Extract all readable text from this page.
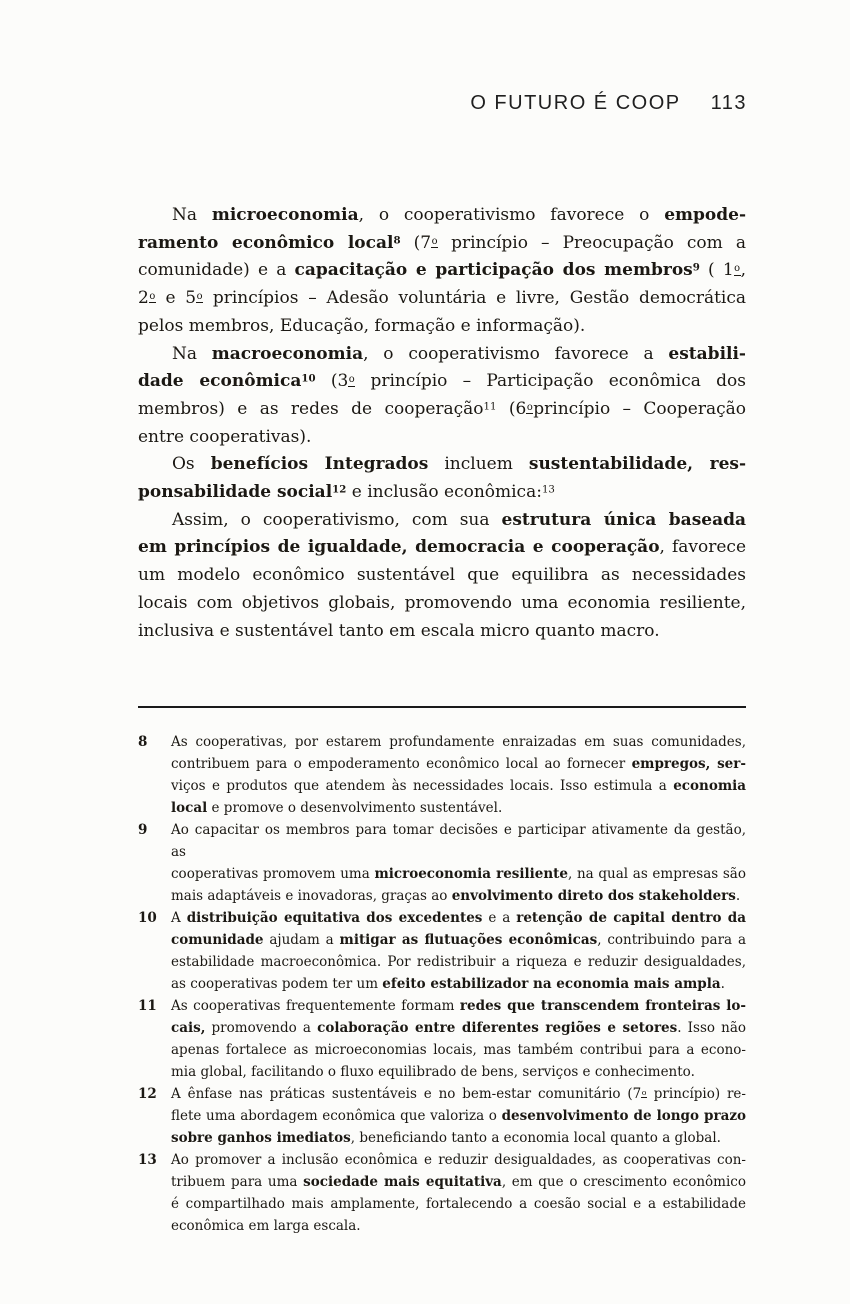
O FUTURO É COOP 113
Na microeconomia, o cooperativismo favorece o empode-
ramento econômico local$^8$ (7$^o$ princípio – Preocupação com a
comunidade) e a capacitação e participação dos membros$^9$ ( 1$^o$,
2$^o$ e 5$^o$ princípios – Adesão voluntária e livre, Gestão democrática
pelos membros, Educação, formação e informação).
Na macroeconomia, o cooperativismo favorece a estabili-
dade econômica$^{10}$ (3$^o$ princípio – Participação econômica dos
membros) e as redes de cooperação$^{11}$ (6$^o$princípio – Cooperação
entre cooperativas).
Os benefícios Integrados incluem sustentabilidade, res-
ponsabilidade social$^{12}$ e inclusão econômica:$^{13}$
Assim, o cooperativismo, com sua estrutura única baseada
em princípios de igualdade, democracia e cooperação, favorece
um modelo econômico sustentável que equilibra as necessidades
locais com objetivos globais, promovendo uma economia resiliente,
inclusiva e sustentável tanto em escala micro quanto macro.
8	As cooperativas, por estarem profundamente enraizadas em suas comunidades,
contribuem para o empoderamento econômico local ao fornecer empregos, ser-
viços e produtos que atendem às necessidades locais. Isso estimula a economia
local e promove o desenvolvimento sustentável.
9	Ao capacitar os membros para tomar decisões e participar ativamente da gestão, as
cooperativas promovem uma microeconomia resiliente, na qual as empresas são
mais adaptáveis e inovadoras, graças ao envolvimento direto dos stakeholders.
10	A distribuição equitativa dos excedentes e a retenção de capital dentro da
comunidade ajudam a mitigar as flutuações econômicas, contribuindo para a
estabilidade macroeconômica. Por redistribuir a riqueza e reduzir desigualdades,
as cooperativas podem ter um efeito estabilizador na economia mais ampla.
11	As cooperativas frequentemente formam redes que transcendem fronteiras lo-
cais, promovendo a colaboração entre diferentes regiões e setores. Isso não
apenas fortalece as microeconomias locais, mas também contribui para a econo-
mia global, facilitando o fluxo equilibrado de bens, serviços e conhecimento.
12	A ênfase nas práticas sustentáveis e no bem-estar comunitário (7$^o$ princípio) re-
flete uma abordagem econômica que valoriza o desenvolvimento de longo prazo
sobre ganhos imediatos, beneficiando tanto a economia local quanto a global.
13	Ao promover a inclusão econômica e reduzir desigualdades, as cooperativas con-
tribuem para uma sociedade mais equitativa, em que o crescimento econômico
é compartilhado mais amplamente, fortalecendo a coesão social e a estabilidade
econômica em larga escala.
